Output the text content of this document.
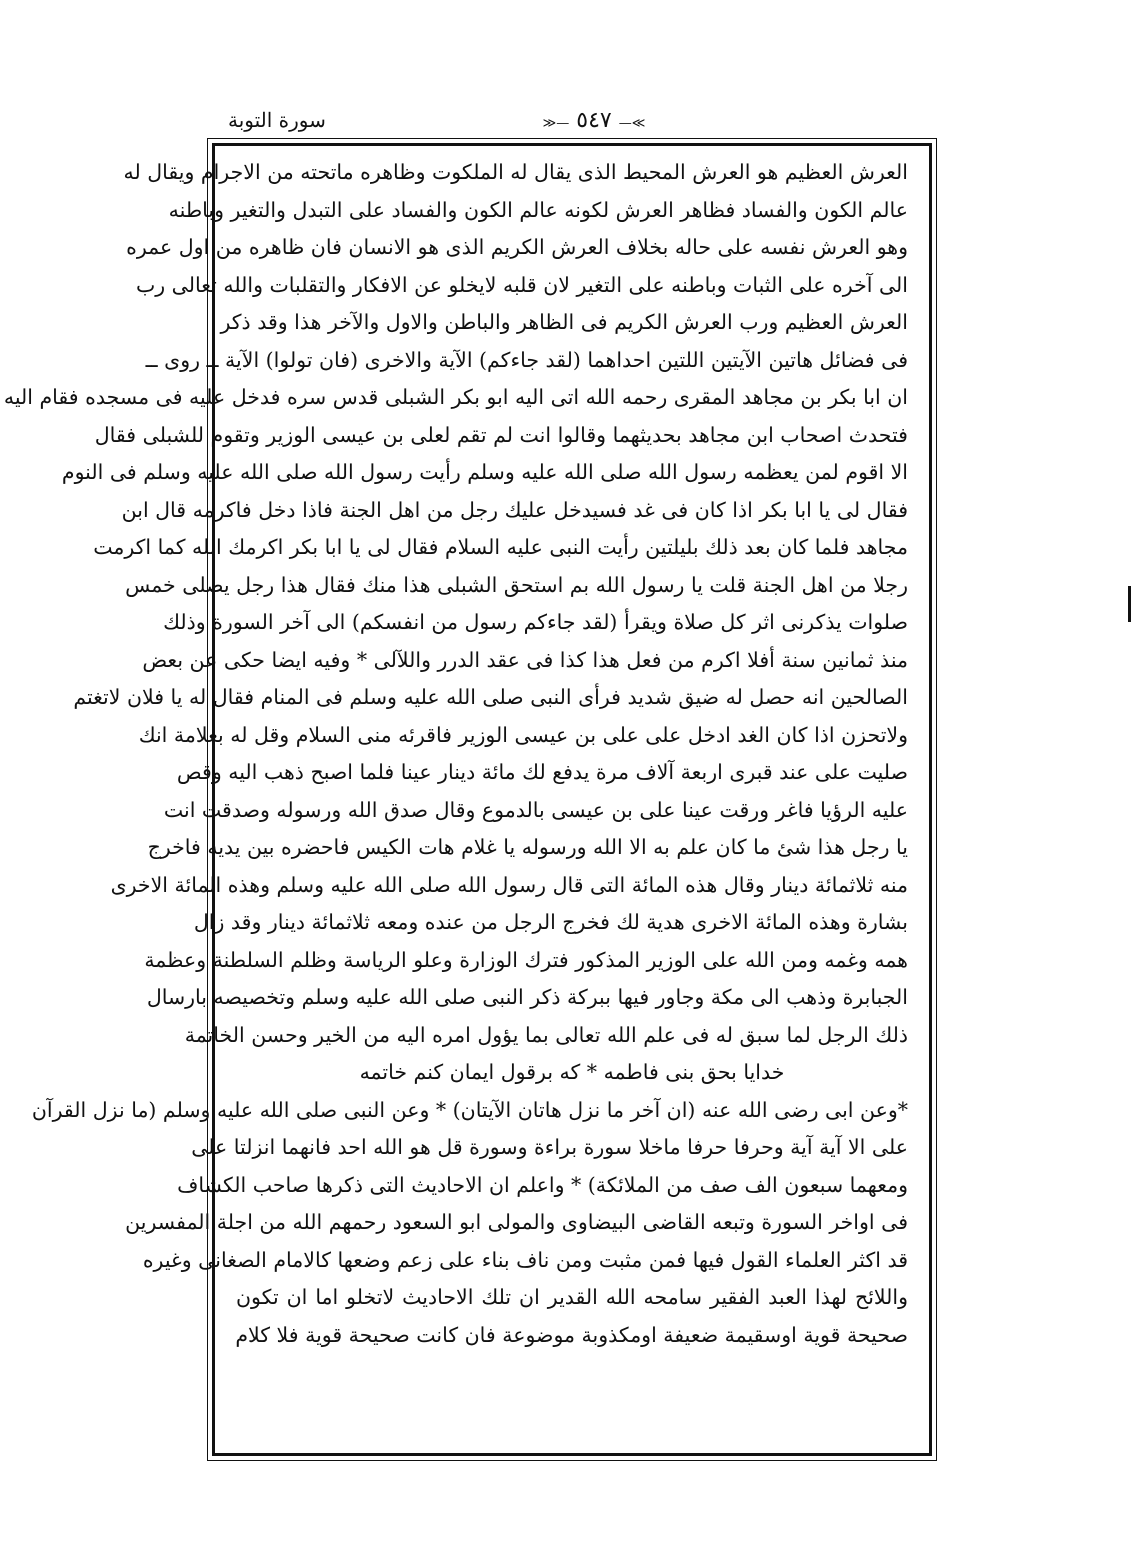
سورة التوبة	≫— ٥٤٧ —≪
العرش العظيم هو العرش المحيط الذى يقال له الملكوت وظاهره ماتحته من الاجرام ويقال له
عالم الكون والفساد فظاهر العرش لكونه عالم الكون والفساد على التبدل والتغير وباطنه
وهو العرش نفسه على حاله بخلاف العرش الكريم الذى هو الانسان فان ظاهره من اول عمره
الى آخره على الثبات وباطنه على التغير لان قلبه لايخلو عن الافكار والتقلبات والله تعالى رب
العرش العظيم ورب العرش الكريم فى الظاهر والباطن والاول والآخر هذا وقد ذكر
فى فضائل هاتين الآيتين اللتين احداهما (لقد جاءكم) الآية والاخرى (فان تولوا) الآية ــ روى ــ
ان ابا بكر بن مجاهد المقرى رحمه الله اتى اليه ابو بكر الشبلى قدس سره فدخل عليه فى مسجده فقام اليه
فتحدث اصحاب ابن مجاهد بحديثهما وقالوا انت لم تقم لعلى بن عيسى الوزير وتقوم للشبلى فقال
الا اقوم لمن يعظمه رسول الله صلى الله عليه وسلم رأيت رسول الله صلى الله عليه وسلم فى النوم
فقال لى يا ابا بكر اذا كان فى غد فسيدخل عليك رجل من اهل الجنة فاذا دخل فاكرمه قال ابن
مجاهد فلما كان بعد ذلك بليلتين رأيت النبى عليه السلام فقال لى يا ابا بكر اكرمك الله كما اكرمت
رجلا من اهل الجنة قلت يا رسول الله بم استحق الشبلى هذا منك فقال هذا رجل يصلى خمس
صلوات يذكرنى اثر كل صلاة ويقرأ (لقد جاءكم رسول من انفسكم) الى آخر السورة وذلك
منذ ثمانين سنة أفلا اكرم من فعل هذا كذا فى عقد الدرر واللآلى * وفيه ايضا حكى عن بعض
الصالحين انه حصل له ضيق شديد فرأى النبى صلى الله عليه وسلم فى المنام فقال له يا فلان لاتغتم
ولاتحزن اذا كان الغد ادخل على على بن عيسى الوزير فاقرئه منى السلام وقل له بعلامة انك
صليت على عند قبرى اربعة آلاف مرة يدفع لك مائة دينار عينا فلما اصبح ذهب اليه وقص
عليه الرؤيا فاغر ورقت عينا على بن عيسى بالدموع وقال صدق الله ورسوله وصدقت انت
يا رجل هذا شئ ما كان علم به الا الله ورسوله يا غلام هات الكيس فاحضره بين يديه فاخرج
منه ثلاثمائة دينار وقال هذه المائة التى قال رسول الله صلى الله عليه وسلم وهذه المائة الاخرى
بشارة وهذه المائة الاخرى هدية لك فخرج الرجل من عنده ومعه ثلاثمائة دينار وقد زال
همه وغمه ومن الله على الوزير المذكور فترك الوزارة وعلو الرياسة وظلم السلطنة وعظمة
الجبابرة وذهب الى مكة وجاور فيها ببركة ذكر النبى صلى الله عليه وسلم وتخصيصه بارسال
ذلك الرجل لما سبق له فى علم الله تعالى بما يؤول امره اليه من الخير وحسن الخاتمة
خدايا بحق بنى فاطمه * كه برقول ايمان كنم خاتمه
*وعن ابى رضى الله عنه (ان آخر ما نزل هاتان الآيتان) * وعن النبى صلى الله عليه وسلم (ما نزل القرآن
على الا آية آية وحرفا حرفا ماخلا سورة براءة وسورة قل هو الله احد فانهما انزلتا على
ومعهما سبعون الف صف من الملائكة) * واعلم ان الاحاديث التى ذكرها صاحب الكشاف
فى اواخر السورة وتبعه القاضى البيضاوى والمولى ابو السعود رحمهم الله من اجلة المفسرين
قد اكثر العلماء القول فيها فمن مثبت ومن ناف بناء على زعم وضعها كالامام الصغانى وغيره
واللائح لهذا العبد الفقير سامحه الله القدير ان تلك الاحاديث لاتخلو اما ان تكون
صحيحة قوية اوسقيمة ضعيفة اومكذوبة موضوعة فان كانت صحيحة قوية فلا كلام
